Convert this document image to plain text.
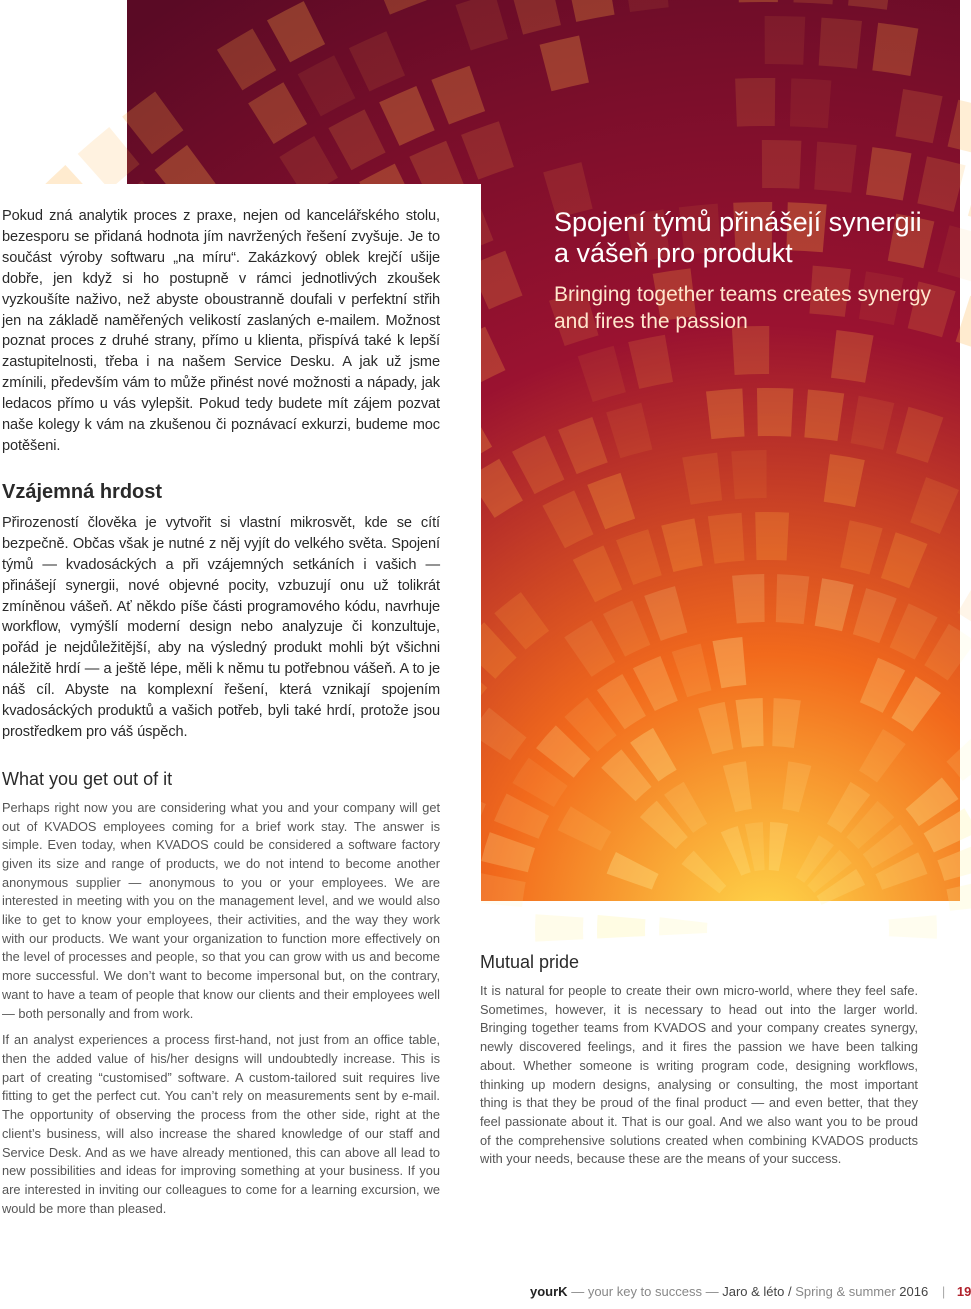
Pokud zná analytik proces z praxe, nejen od kancelářského stolu, bezesporu se přidaná hodnota jím navržených řešení zvyšuje. Je to součást výroby softwaru „na míru“. Zakázkový oblek krejčí ušije dobře, jen když si ho postupně v rámci jednotlivých zkoušek vyzkoušíte naživo, než abyste oboustranně doufali v perfektní střih jen na základě naměřených velikostí zaslaných e-mailem. Možnost poznat proces z druhé strany, přímo u klienta, přispívá také k lepší zastupitelnosti, třeba i na našem Service Desku. A jak už jsme zmínili, především vám to může přinést nové možnosti a nápady, jak ledacos přímo u vás vylepšit. Pokud tedy budete mít zájem pozvat naše kolegy k vám na zkušenou či poznávací exkurzi, budeme moc potěšeni.

Vzájemná hrdost

Přirozeností člověka je vytvořit si vlastní mikrosvět, kde se cítí bezpečně. Občas však je nutné z něj vyjít do velkého světa. Spojení týmů — kvadosáckých a při vzájemných setkáních i vašich — přinášejí synergii, nové objevné pocity, vzbuzují onu už tolikrát zmíněnou vášeň. Ať někdo píše části programového kódu, navrhuje workflow, vymýšlí moderní design nebo analyzuje či konzultuje, pořád je nejdůležitější, aby na výsledný produkt mohli být všichni náležitě hrdí — a ještě lépe, měli k němu tu potřebnou vášeň. A to je náš cíl. Abyste na komplexní řešení, která vznikají spojením kvadosáckých produktů a vašich potřeb, byli také hrdí, protože jsou prostředkem pro váš úspěch.

What you get out of it

Perhaps right now you are considering what you and your company will get out of KVADOS employees coming for a brief work stay. The answer is simple. Even today, when KVADOS could be considered a software factory given its size and range of products, we do not intend to become another anonymous supplier — anonymous to you or your employees. We are interested in meeting with you on the management level, and we would also like to get to know your employees, their activities, and the way they work with our products. We want your organization to function more effectively on the level of processes and people, so that you can grow with us and become more successful. We don’t want to become impersonal but, on the contrary, want to have a team of people that know our clients and their employees well — both personally and from work.

If an analyst experiences a process first-hand, not just from an office table, then the added value of his/her designs will undoubtedly increase. This is part of creating “customised” software. A custom-tailored suit requires live fitting to get the perfect cut. You can’t rely on measurements sent by e-mail. The opportunity of observing the process from the other side, right at the client’s business, will also increase the shared knowledge of our staff and Service Desk. And as we have already mentioned, this can above all lead to new possibilities and ideas for improving something at your business. If you are interested in inviting our colleagues to come for a learning excursion, we would be more than pleased.

Spojení týmů přinášejí synergii a vášeň pro produkt

Bringing together teams creates synergy and fires the passion

Mutual pride

It is natural for people to create their own micro-world, where they feel safe. Sometimes, however, it is necessary to head out into the larger world. Bringing together teams from KVADOS and your company creates synergy, newly discovered feelings, and it fires the passion we have been talking about. Whether someone is writing program code, designing workflows, thinking up modern designs, analysing or consulting, the most important thing is that they be proud of the final product — and even better, that they feel passionate about it. That is our goal. And we also want you to be proud of the comprehensive solutions created when combining KVADOS products with your needs, because these are the means of your success.

yourK — your key to success — Jaro & léto / Spring & summer 2016 | 19
